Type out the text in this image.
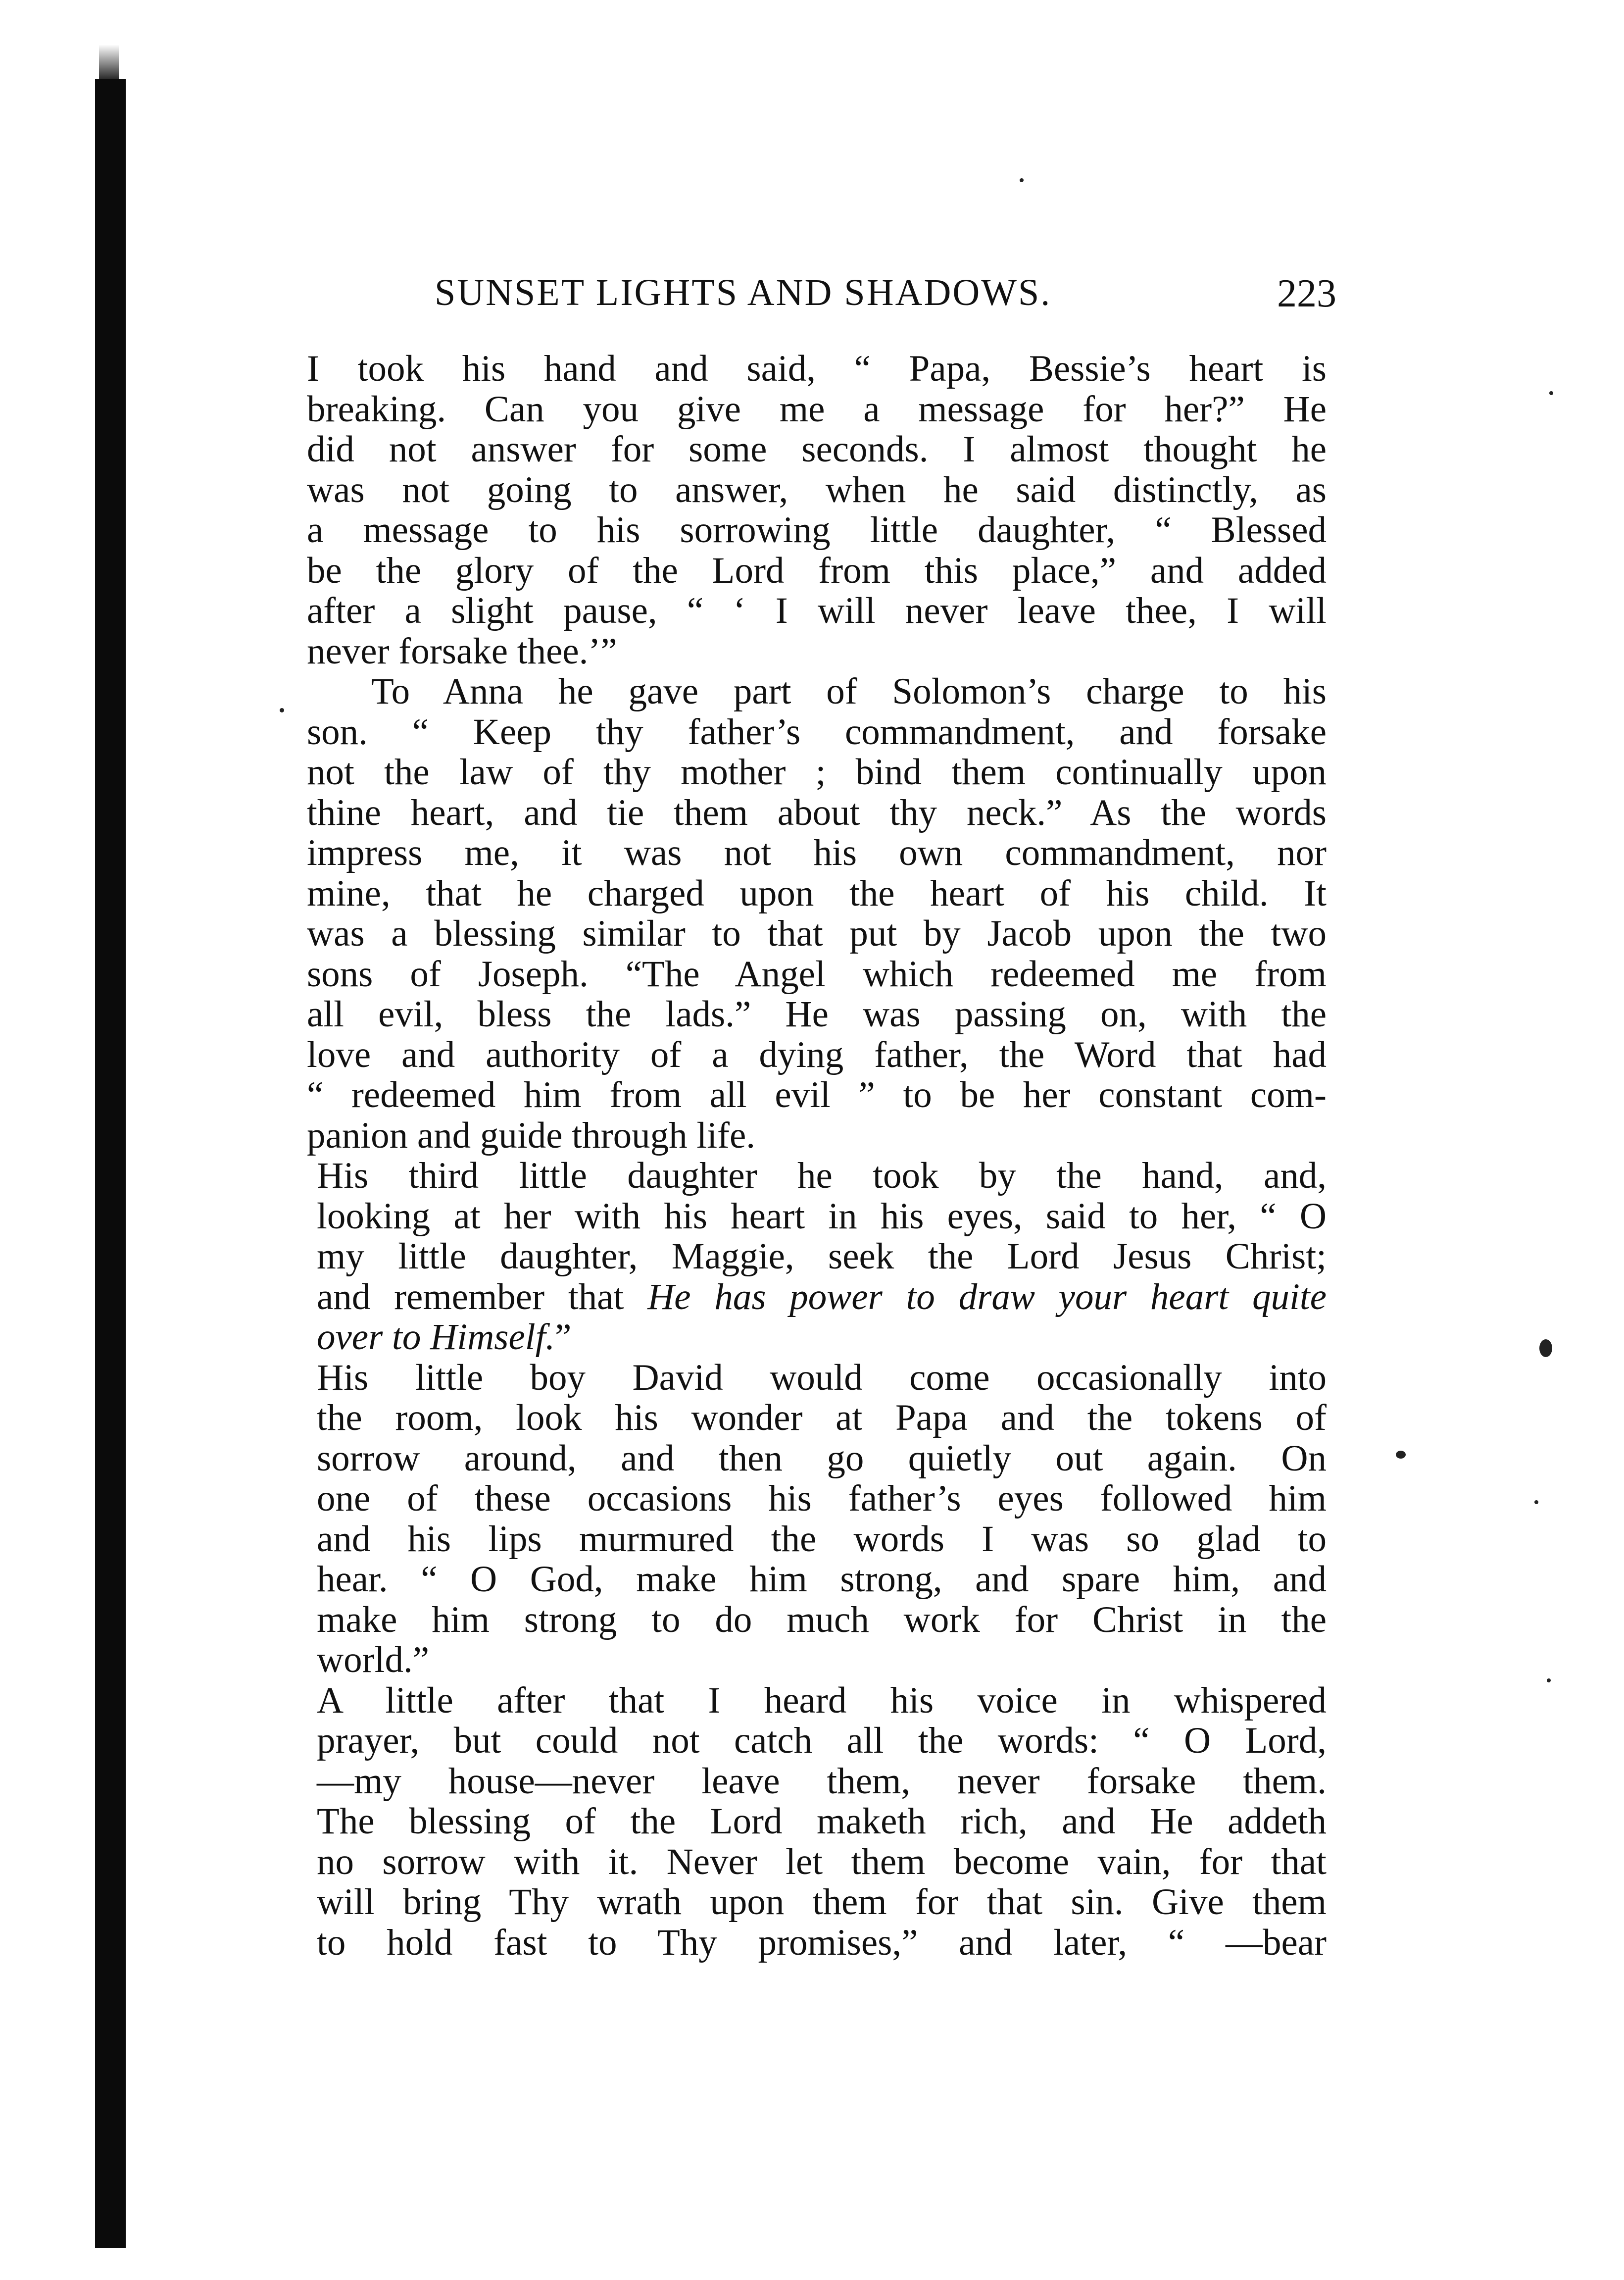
SUNSET LIGHTS AND SHADOWS.	223
I took his hand and said, “ Papa, Bessie’s heart is
breaking. Can you give me a message for her?” He
did not answer for some seconds. I almost thought he
was not going to answer, when he said distinctly, as
a message to his sorrowing little daughter, “ Blessed
be the glory of the Lord from this place,” and added
after a slight pause, “ ‘ I will never leave thee, I will
never forsake thee.’”
To Anna he gave part of Solomon’s charge to his
son. “ Keep thy father’s commandment, and forsake
not the law of thy mother ; bind them continually upon
thine heart, and tie them about thy neck.” As the words
impress me, it was not his own commandment, nor
mine, that he charged upon the heart of his child. It
was a blessing similar to that put by Jacob upon the two
sons of Joseph. “The Angel which redeemed me from
all evil, bless the lads.” He was passing on, with the
love and authority of a dying father, the Word that had
“ redeemed him from all evil ” to be her constant com-
panion and guide through life.
His third little daughter he took by the hand, and,
looking at her with his heart in his eyes, said to her, “ O
my little daughter, Maggie, seek the Lord Jesus Christ;
and remember that He has power to draw your heart quite
over to Himself.”
His little boy David would come occasionally into
the room, look his wonder at Papa and the tokens of
sorrow around, and then go quietly out again. On
one of these occasions his father’s eyes followed him
and his lips murmured the words I was so glad to
hear. “ O God, make him strong, and spare him, and
make him strong to do much work for Christ in the
world.”
A little after that I heard his voice in whispered
prayer, but could not catch all the words: “ O Lord,
—my house—never leave them, never forsake them.
The blessing of the Lord maketh rich, and He addeth
no sorrow with it. Never let them become vain, for that
will bring Thy wrath upon them for that sin. Give them
to hold fast to Thy promises,” and later, “ —bear
